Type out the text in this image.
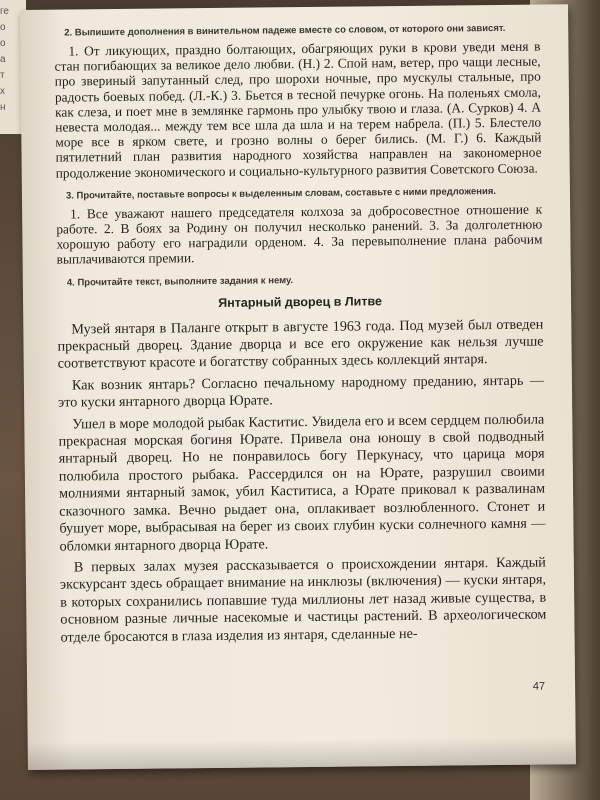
ге
о
о
а
т
х
н

2. Выпишите дополнения в винительном падеже вместе со словом, от которого они зависят.

1. От ликующих, праздно болтающих, обагряющих руки в крови уведи меня в стан погибающих за великое дело любви. (Н.) 2. Спой нам, ветер, про чащи лесные, про звериный запутанный след, про шорохи ночные, про мускулы стальные, про радость боевых побед. (Л.-К.) 3. Бьется в тесной печурке огонь. На поленьях смола, как слеза, и поет мне в землянке гармонь про улыбку твою и глаза. (А. Сурков) 4. А невеста молодая... между тем все шла да шла и на терем набрела. (П.) 5. Блестело море все в ярком свете, и грозно волны о берег бились. (М. Г.) 6. Каждый пятилетний план развития народного хозяйства направлен на закономерное продолжение экономического и социально-культурного развития Советского Союза.

3. Прочитайте, поставьте вопросы к выделенным словам, составьте с ними предложения.

1. Все уважают нашего председателя колхоза за добросовестное отношение к работе. 2. В боях за Родину он получил несколько ранений. 3. За долголетнюю хорошую работу его наградили орденом. 4. За перевыполнение плана рабочим выплачиваются премии.

4. Прочитайте текст, выполните задания к нему.

Янтарный дворец в Литве

Музей янтаря в Паланге открыт в августе 1963 года. Под музей был отведен прекрасный дворец. Здание дворца и все его окружение как нельзя лучше соответствуют красоте и богатству собранных здесь коллекций янтаря.

Как возник янтарь? Согласно печальному народному преданию, янтарь — это куски янтарного дворца Юрате.

Ушел в море молодой рыбак Каститис. Увидела его и всем сердцем полюбила прекрасная морская богиня Юрате. Привела она юношу в свой подводный янтарный дворец. Но не понравилось богу Перкунасу, что царица моря полюбила простого рыбака. Рассердился он на Юрате, разрушил своими молниями янтарный замок, убил Каститиса, а Юрате приковал к развалинам сказочного замка. Вечно рыдает она, оплакивает возлюбленного. Стонет и бушует море, выбрасывая на берег из своих глубин куски солнечного камня — обломки янтарного дворца Юрате.

В первых залах музея рассказывается о происхождении янтаря. Каждый экскурсант здесь обращает внимание на инклюзы (включения) — куски янтаря, в которых сохранились попавшие туда миллионы лет назад живые существа, в основном разные личные насекомые и частицы растений. В археологическом отделе бросаются в глаза изделия из янтаря, сделанные не-

47
